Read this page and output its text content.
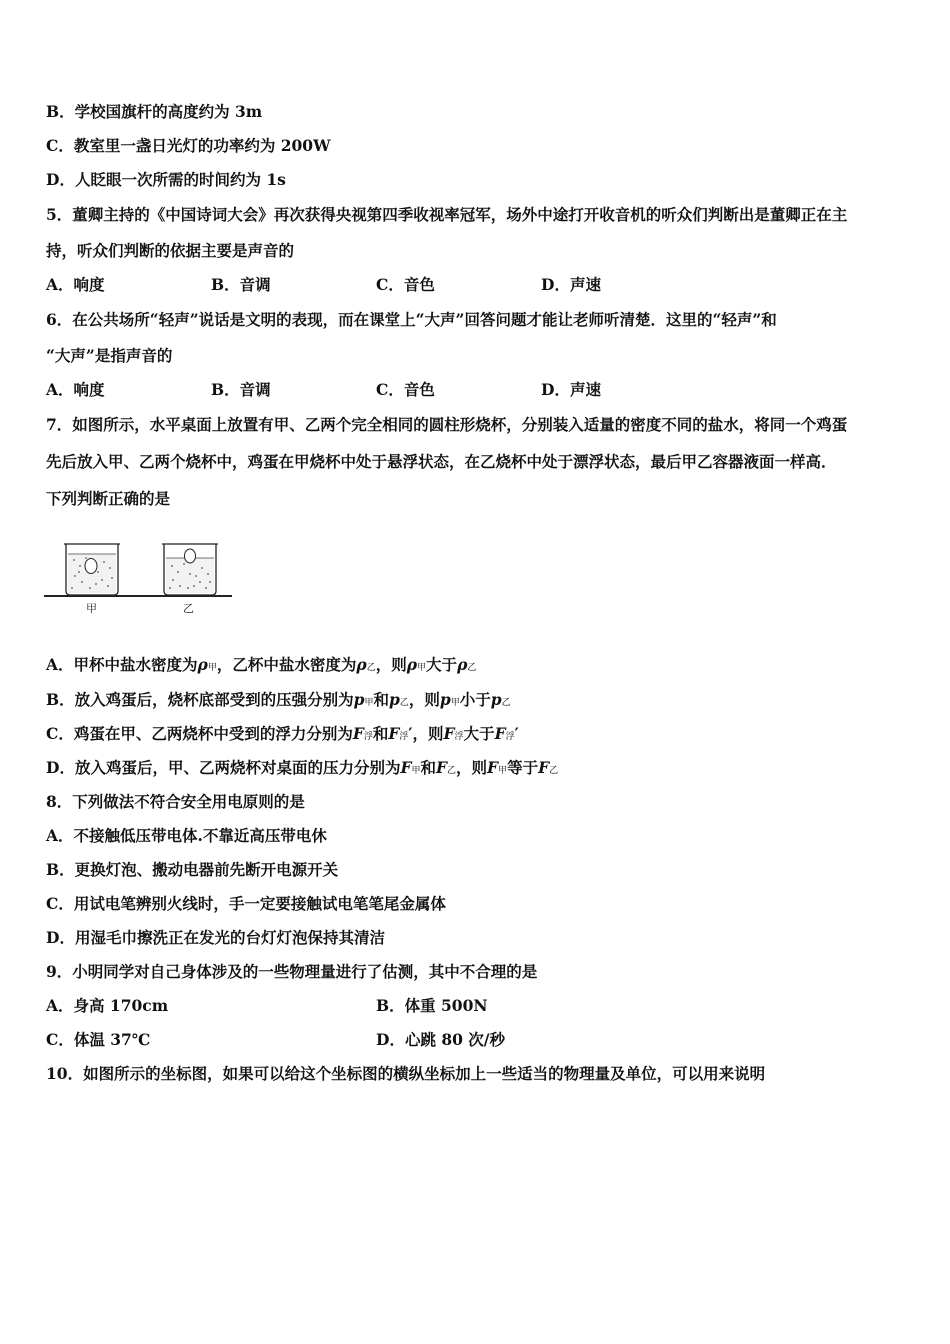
B．学校国旗杆的高度约为 3m
C．教室里一盏日光灯的功率约为 200W
D．人眨眼一次所需的时间约为 1s
5．董卿主持的《中国诗词大会》再次获得央视第四季收视率冠军，场外中途打开收音机的听众们判断出是董卿正在主
持，听众们判断的依据主要是声音的
A．响度	B．音调	C．音色	D．声速
6．在公共场所“轻声”说话是文明的表现，而在课堂上“大声”回答问题才能让老师听清楚．这里的“轻声”和
“大声”是指声音的
A．响度	B．音调	C．音色	D．声速
7．如图所示，水平桌面上放置有甲、乙两个完全相同的圆柱形烧杯，分别装入适量的密度不同的盐水，将同一个鸡蛋
先后放入甲、乙两个烧杯中，鸡蛋在甲烧杯中处于悬浮状态，在乙烧杯中处于漂浮状态，最后甲乙容器液面一样高．
下列判断正确的是
甲	乙
A．甲杯中盐水密度为ρ甲，乙杯中盐水密度为ρ乙，则ρ甲大于ρ乙
B．放入鸡蛋后，烧杯底部受到的压强分别为p甲和p乙，则p甲小于p乙
C．鸡蛋在甲、乙两烧杯中受到的浮力分别为F浮和F浮′，则F浮大于F浮′
D．放入鸡蛋后，甲、乙两烧杯对桌面的压力分别为F甲和F乙，则F甲等于F乙
8．下列做法不符合安全用电原则的是
A．不接触低压带电体.不靠近高压带电休
B．更换灯泡、搬动电器前先断开电源开关
C．用试电笔辨别火线时，手一定要接触试电笔笔尾金属体
D．用湿毛巾擦洗正在发光的台灯灯泡保持其清洁
9．小明同学对自己身体涉及的一些物理量进行了估测，其中不合理的是
A．身高 170cm	B．体重 500N
C．体温 37℃	D．心跳 80 次/秒
10．如图所示的坐标图，如果可以给这个坐标图的横纵坐标加上一些适当的物理量及单位，可以用来说明
